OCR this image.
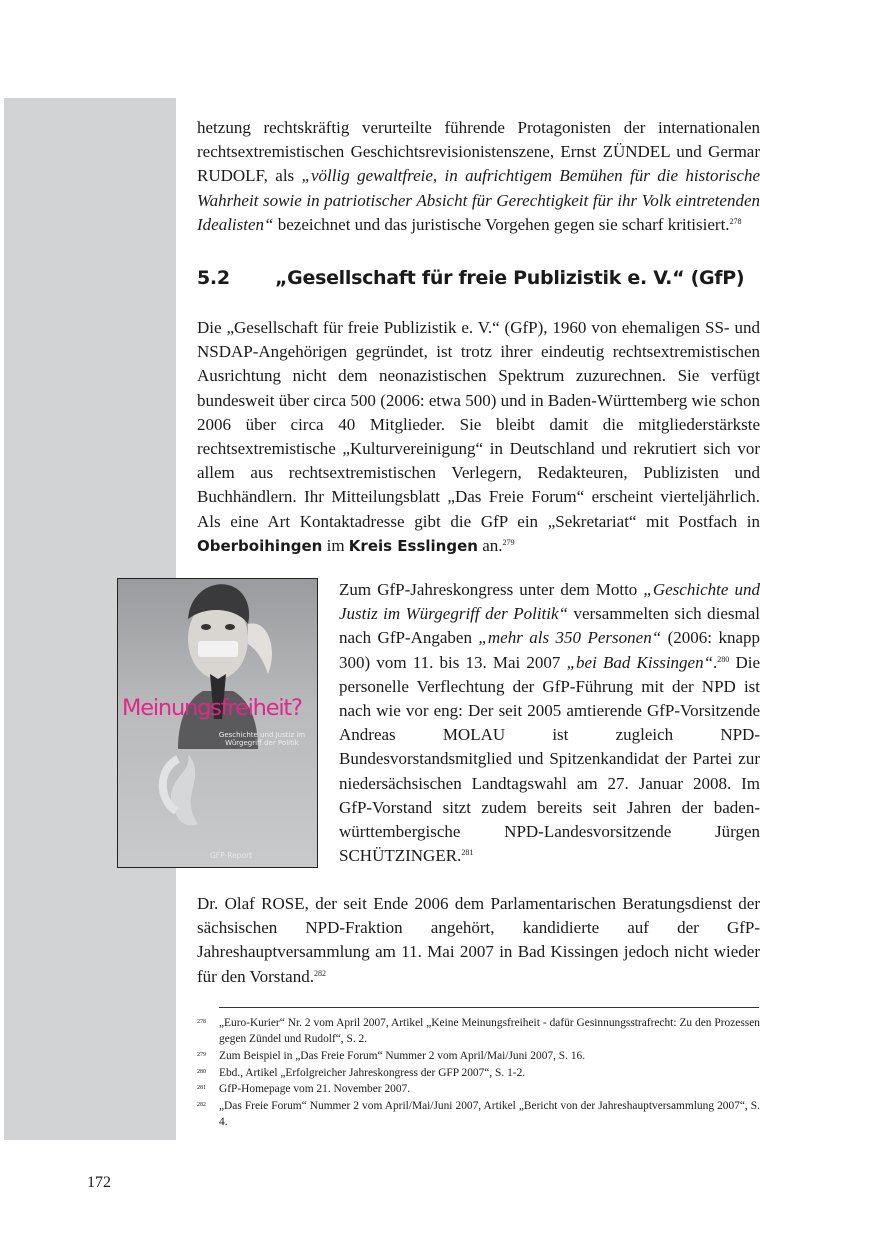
hetzung rechtskräftig verurteilte führende Protagonisten der internationalen rechtsextremistischen Geschichtsrevisionistenszene, Ernst ZÜNDEL und Germar RUDOLF, als „völlig gewaltfreie, in aufrichtigem Bemühen für die historische Wahrheit sowie in patriotischer Absicht für Gerechtigkeit für ihr Volk eintretenden Idealisten“ bezeichnet und das juristische Vorgehen gegen sie scharf kritisiert.$^{278}$

5.2	„Gesellschaft für freie Publizistik e. V.“ (GfP)

Die „Gesellschaft für freie Publizistik e. V.“ (GfP), 1960 von ehemaligen SS- und NSDAP-Angehörigen gegründet, ist trotz ihrer eindeutig rechtsextremistischen Ausrichtung nicht dem neonazistischen Spektrum zuzurechnen. Sie verfügt bundesweit über circa 500 (2006: etwa 500) und in Baden-Württemberg wie schon 2006 über circa 40 Mitglieder. Sie bleibt damit die mitgliederstärkste rechtsextremistische „Kulturvereinigung“ in Deutschland und rekrutiert sich vor allem aus rechtsextremistischen Verlegern, Redakteuren, Publizisten und Buchhändlern. Ihr Mitteilungsblatt „Das Freie Forum“ erscheint vierteljährlich. Als eine Art Kontaktadresse gibt die GfP ein „Sekretariat“ mit Postfach in Oberboihingen im Kreis Esslingen an.$^{279}$

Meinungsfreiheit?
Geschichte und Justiz im Würgegriff der Politik
GFP-Report

Zum GfP-Jahreskongress unter dem Motto „Geschichte und Justiz im Würgegriff der Politik“ versammelten sich diesmal nach GfP-Angaben „mehr als 350 Personen“ (2006: knapp 300) vom 11. bis 13. Mai 2007 „bei Bad Kissingen“.$^{280}$ Die personelle Verflechtung der GfP-Führung mit der NPD ist nach wie vor eng: Der seit 2005 amtierende GfP-Vorsitzende Andreas MOLAU ist zugleich NPD-Bundesvorstandsmitglied und Spitzenkandidat der Partei zur niedersächsischen Landtagswahl am 27. Januar 2008. Im GfP-Vorstand sitzt zudem bereits seit Jahren der baden-württembergische NPD-Landesvorsitzende Jürgen SCHÜTZINGER.$^{281}$

Dr. Olaf ROSE, der seit Ende 2006 dem Parlamentarischen Beratungsdienst der sächsischen NPD-Fraktion angehört, kandidierte auf der GfP-Jahreshauptversammlung am 11. Mai 2007 in Bad Kissingen jedoch nicht wieder für den Vorstand.$^{282}$

278	„Euro-Kurier“ Nr. 2 vom April 2007, Artikel „Keine Meinungsfreiheit - dafür Gesinnungsstrafrecht: Zu den Prozessen gegen Zündel und Rudolf“, S. 2.
279	Zum Beispiel in „Das Freie Forum“ Nummer 2 vom April/Mai/Juni 2007, S. 16.
280	Ebd., Artikel „Erfolgreicher Jahreskongress der GFP 2007“, S. 1-2.
281	GfP-Homepage vom 21. November 2007.
282	„Das Freie Forum“ Nummer 2 vom April/Mai/Juni 2007, Artikel „Bericht von der Jahreshauptversammlung 2007“, S. 4.
172
